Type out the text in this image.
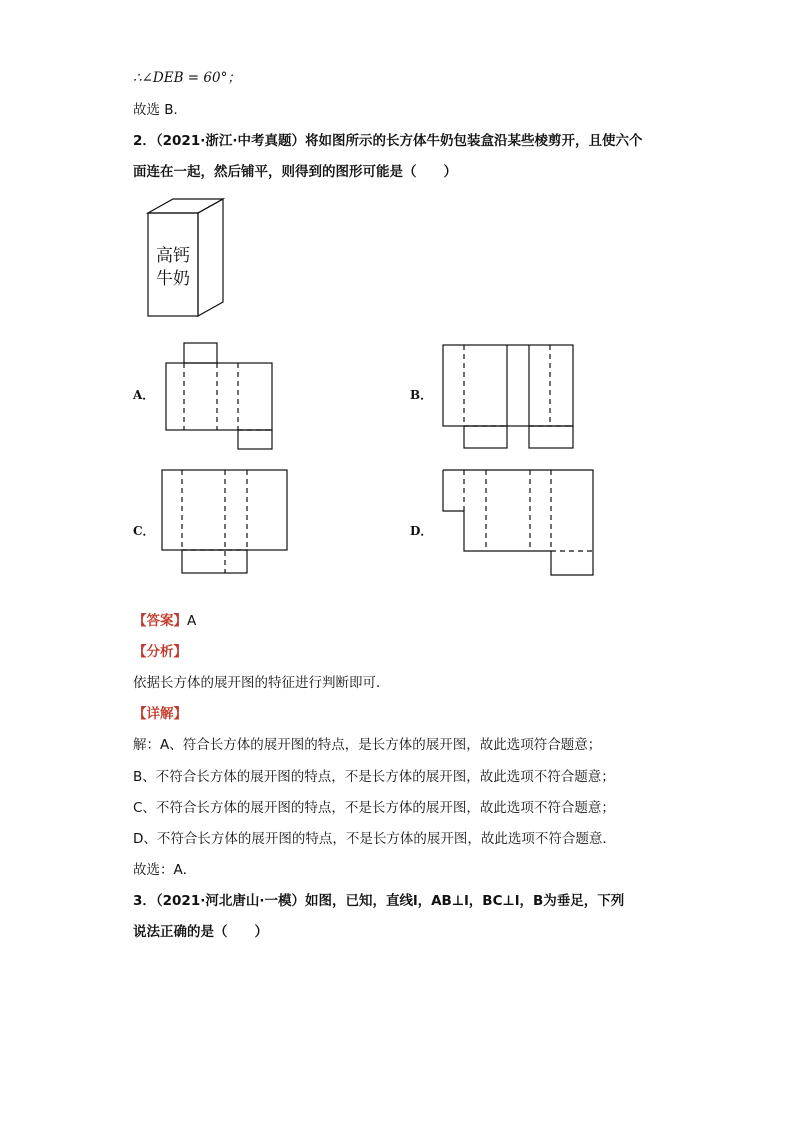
∴∠DEB = 60°；
故选 B．
2．（2021·浙江·中考真题）将如图所示的长方体牛奶包装盒沿某些棱剪开，且使六个
面连在一起，然后铺平，则得到的图形可能是（　　）
高钙
牛奶
A．	B．
C．	D．
【答案】A
【分析】
依据长方体的展开图的特征进行判断即可．
【详解】
解：A、符合长方体的展开图的特点，是长方体的展开图，故此选项符合题意；
B、不符合长方体的展开图的特点，不是长方体的展开图，故此选项不符合题意；
C、不符合长方体的展开图的特点，不是长方体的展开图，故此选项不符合题意；
D、不符合长方体的展开图的特点，不是长方体的展开图，故此选项不符合题意．
故选：A．
3．（2021·河北唐山·一模）如图，已知，直线l，AB⊥l，BC⊥l，B为垂足，下列
说法正确的是（　　）
